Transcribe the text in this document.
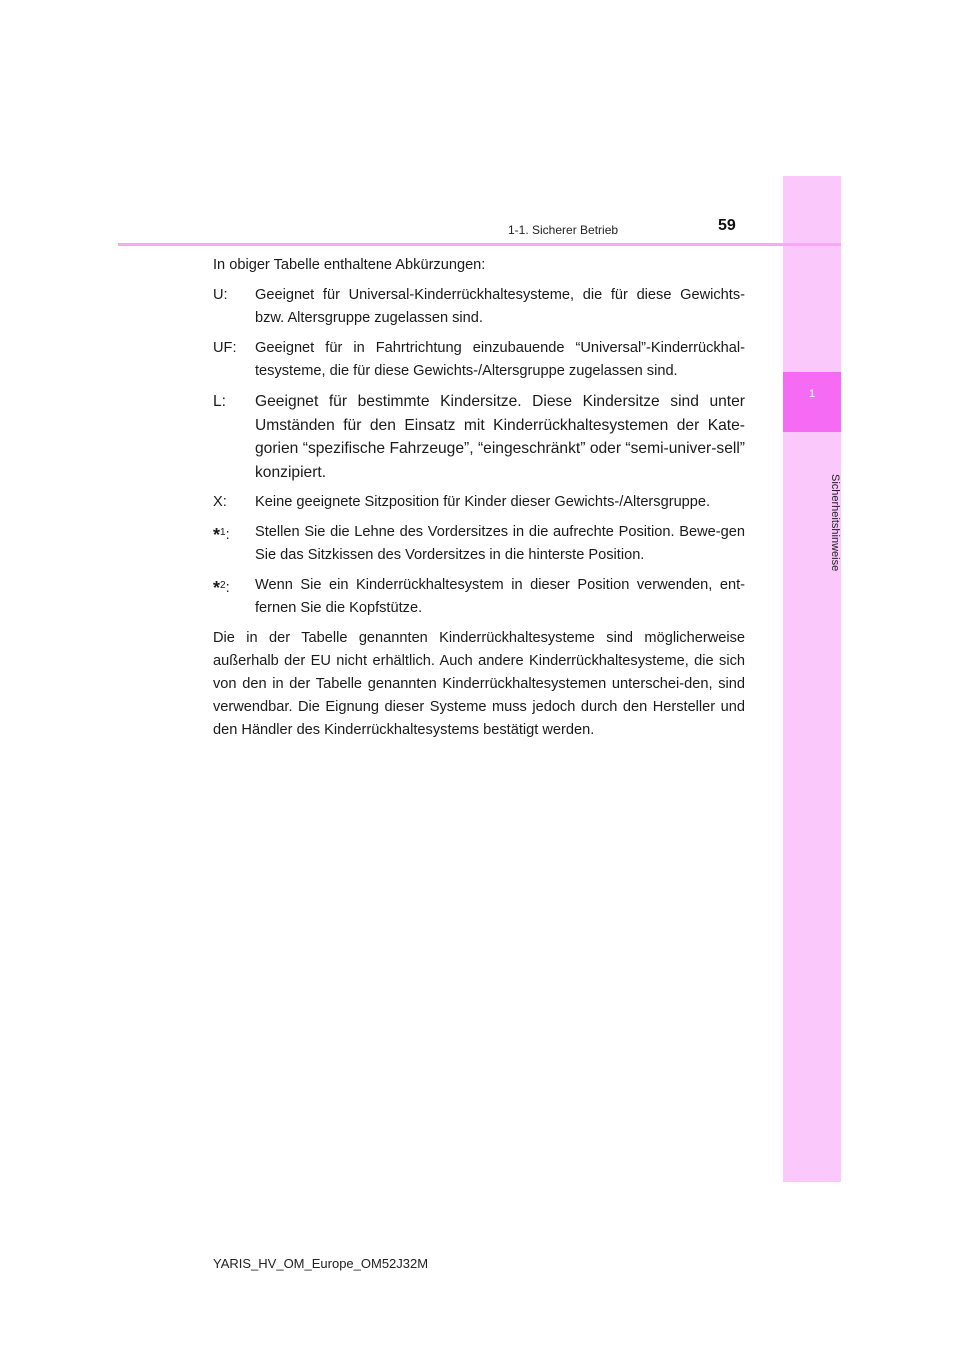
1
Sicherheitshinweise
1-1. Sicherer Betrieb	59

In obiger Tabelle enthaltene Abkürzungen:

U:	Geeignet für Universal-Kinderrückhaltesysteme, die für diese Gewichts- bzw. Altersgruppe zugelassen sind.
UF:	Geeignet für in Fahrtrichtung einzubauende “Universal”-Kinderrückhal-tesysteme, die für diese Gewichts-/Altersgruppe zugelassen sind.
L:	Geeignet für bestimmte Kindersitze. Diese Kindersitze sind unter Umständen für den Einsatz mit Kinderrückhaltesystemen der Kate-gorien “spezifische Fahrzeuge”, “eingeschränkt” oder “semi-univer-sell” konzipiert.
X:	Keine geeignete Sitzposition für Kinder dieser Gewichts-/Altersgruppe.
*$^1$:	Stellen Sie die Lehne des Vordersitzes in die aufrechte Position. Bewe-gen Sie das Sitzkissen des Vordersitzes in die hinterste Position.
*$^2$:	Wenn Sie ein Kinderrückhaltesystem in dieser Position verwenden, ent-fernen Sie die Kopfstütze.

Die in der Tabelle genannten Kinderrückhaltesysteme sind möglicherweise außerhalb der EU nicht erhältlich. Auch andere Kinderrückhaltesysteme, die sich von den in der Tabelle genannten Kinderrückhaltesystemen unterschei-den, sind verwendbar. Die Eignung dieser Systeme muss jedoch durch den Hersteller und den Händler des Kinderrückhaltesystems bestätigt werden.

YARIS_HV_OM_Europe_OM52J32M
